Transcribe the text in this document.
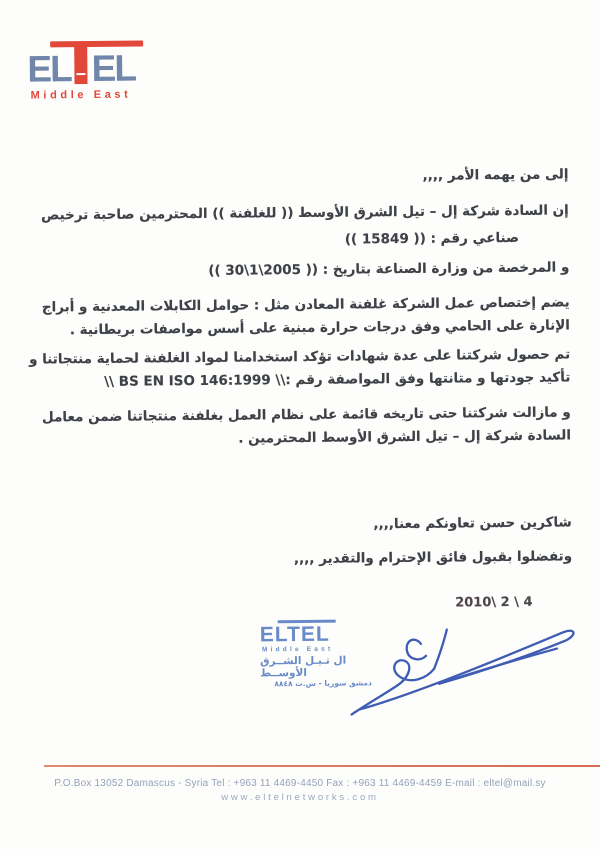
EL EL
Middle East
إلى من يهمه الأمر ,,,,
إن السادة شركة إل – تيل الشرق الأوسط (( للغلفنة )) المحترمين صاحبة ترخيص
صناعي رقم : (( 15849 ))
و المرخصة من وزارة الصناعة بتاريخ : (( 30\1\2005 ))
يضم إختصاص عمل الشركة غلفنة المعادن مثل : حوامل الكابلات المعدنية و أبراج
الإنارة على الحامي وفق درجات حرارة مبنية على أسس مواصفات بريطانية .
تم حصول شركتنا على عدة شهادات تؤكد استخدامنا لمواد الغلفنة لحماية منتجاتنا و
تأكيد جودتها و متانتها وفق المواصفة رقم :\\ BS EN ISO 146:1999 \\
و مازالت شركتنا حتى تاريخه قائمة على نظام العمل بغلفنة منتجاتنا ضمن معامل
السادة شركة إل – تيل الشرق الأوسط المحترمين .
شاكرين حسن تعاونكم معنا,,,,
وتفضلوا بقبول فائق الإحترام والتقدير ,,,,
2010\ 2 \ 4
ELTEL
Middle East
ال تـيـل الشــرق الأوســط
دمشق سوريا - س.ت ٨٨٤٨
P.O.Box 13052 Damascus - Syria Tel : +963 11 4469-4450 Fax : +963 11 4469-4459 E-mail : eltel@mail.sy
www.eltelnetworks.com
